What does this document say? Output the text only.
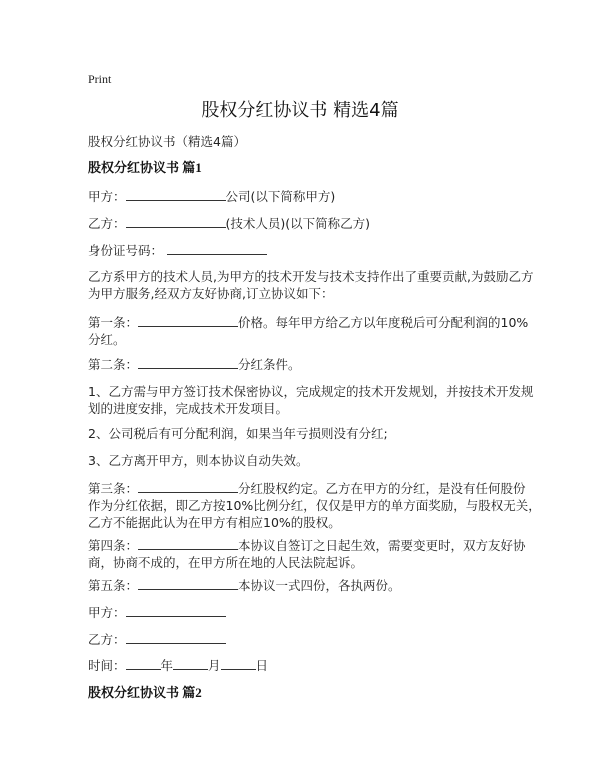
Print
股权分红协议书 精选4篇
股权分红协议书（精选4篇）
股权分红协议书 篇1
甲方：	公司(以下简称甲方)
乙方：	(技术人员)(以下简称乙方)
身份证号码：
乙方系甲方的技术人员,为甲方的技术开发与技术支持作出了重要贡献,为鼓励乙方
为甲方服务,经双方友好协商,订立协议如下：
第一条：	价格。每年甲方给乙方以年度税后可分配利润的10%
分红。
第二条：	分红条件。
1、乙方需与甲方签订技术保密协议，完成规定的技术开发规划，并按技术开发规
划的进度安排，完成技术开发项目。
2、公司税后有可分配利润，如果当年亏损则没有分红;
3、乙方离开甲方，则本协议自动失效。
第三条：	分红股权约定。乙方在甲方的分红，是没有任何股份
作为分红依据，即乙方按10%比例分红，仅仅是甲方的单方面奖励，与股权无关，
乙方不能据此认为在甲方有相应10%的股权。
第四条：	本协议自签订之日起生效，需要变更时，双方友好协
商，协商不成的，在甲方所在地的人民法院起诉。
第五条：	本协议一式四份，各执两份。
甲方：
乙方：
时间：	年	月	日
股权分红协议书 篇2
